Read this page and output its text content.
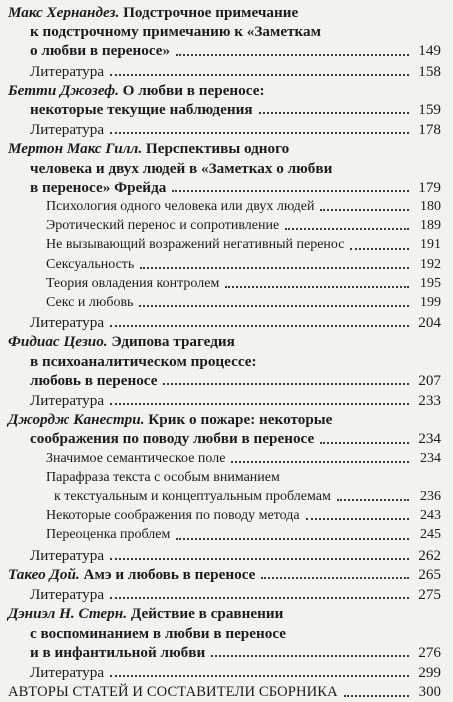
Макс Хернандез. Подстрочное примечание
к подстрочному примечанию к «Заметкам
о любви в переносе»	149
Литература	158
Бетти Джозеф. О любви в переносе:
некоторые текущие наблюдения	159
Литература	178
Мертон Макс Гилл. Перспективы одного
человека и двух людей в «Заметках о любви
в переносе» Фрейда	179
Психология одного человека или двух людей	180
Эротический перенос и сопротивление	189
Не вызывающий возражений негативный перенос	191
Сексуальность	192
Теория овладения контролем	195
Секс и любовь	199
Литература	204
Фидиас Цезио. Эдипова трагедия
в психоаналитическом процессе:
любовь в переносе	207
Литература	233
Джордж Канестри. Крик о пожаре: некоторые
соображения по поводу любви в переносе	234
Значимое семантическое поле	234
Парафраза текста с особым вниманием
к текстуальным и концептуальным проблемам	236
Некоторые соображения по поводу метода	243
Переоценка проблем	245
Литература	262
Такео Дой. Амэ и любовь в переносе	265
Литература	275
Дэниэл Н. Стерн. Действие в сравнении
с воспоминанием в любви в переносе
и в инфантильной любви	276
Литература	299
АВТОРЫ СТАТЕЙ И СОСТАВИТЕЛИ СБОРНИКА	300
